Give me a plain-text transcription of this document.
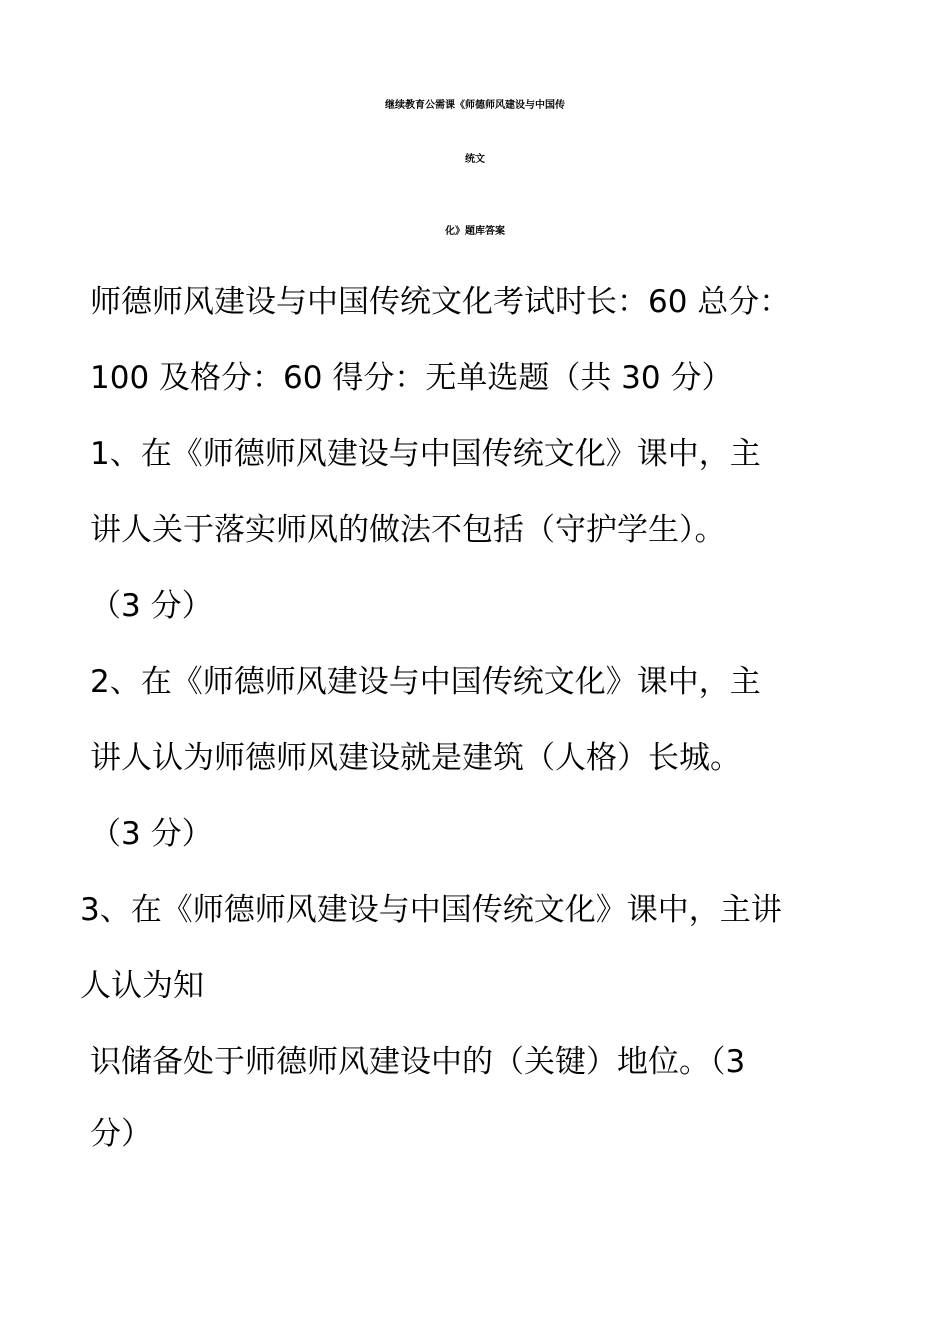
继续教育公需课《师德师风建设与中国传
统文
化》题库答案
师德师风建设与中国传统文化考试时长：60 总分：
100 及格分：60 得分：无单选题（共 30 分）
1、在《师德师风建设与中国传统文化》课中，主
讲人关于落实师风的做法不包括（守护学生）。
（3 分）
2、在《师德师风建设与中国传统文化》课中，主
讲人认为师德师风建设就是建筑（人格）长城。
（3 分）
3、在《师德师风建设与中国传统文化》课中，主讲
人认为知
识储备处于师德师风建设中的（关键）地位。（3
分）
